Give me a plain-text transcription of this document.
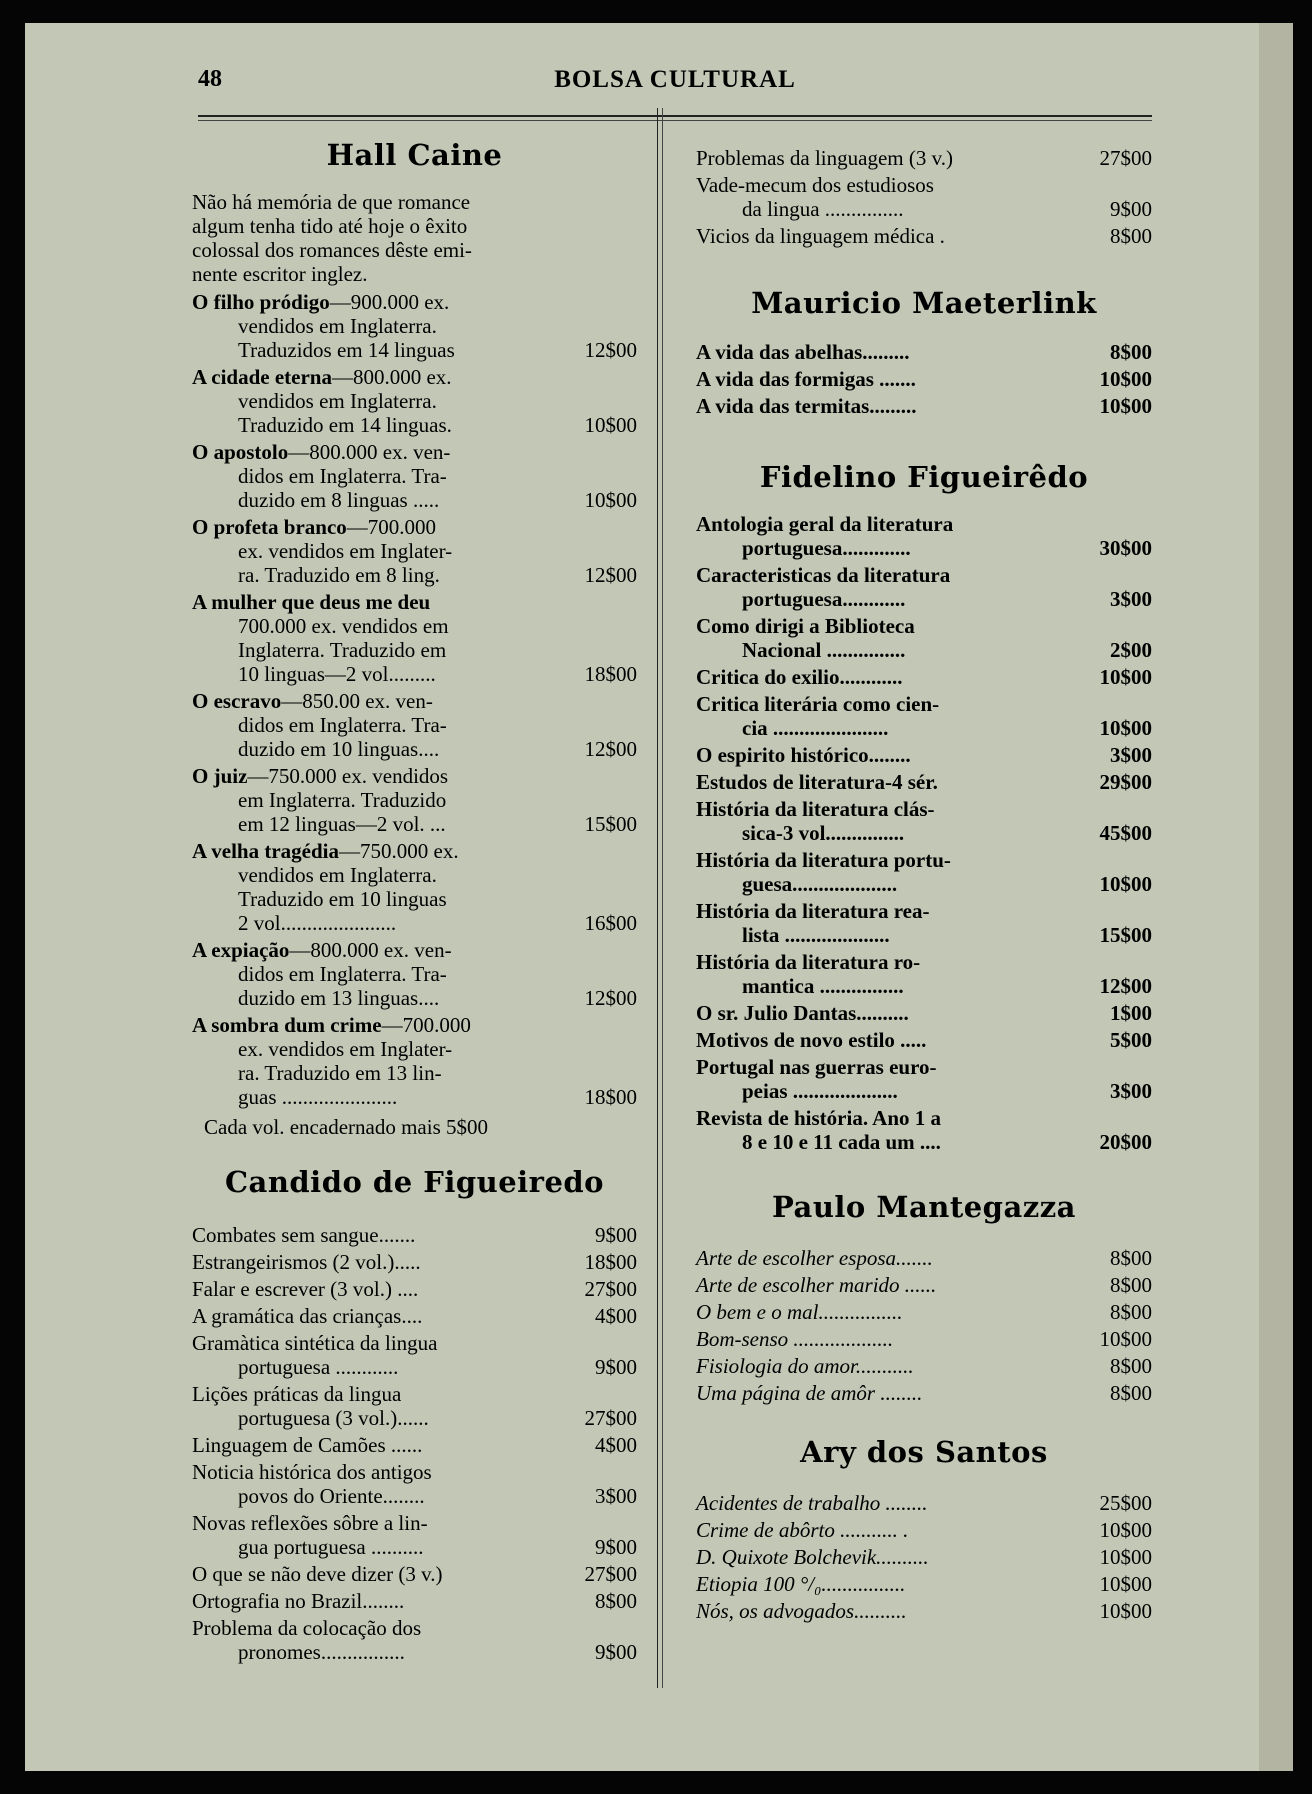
48	BOLSA CULTURAL
Hall Caine
Não há memória de que romance
algum tenha tido até hoje o êxito
colossal dos romances dêste emi-
nente escritor inglez.
O filho pródigo—900.000 ex.
vendidos em Inglaterra.
Traduzidos em 14 linguas	12$00
A cidade eterna—800.000 ex.
vendidos em Inglaterra.
Traduzido em 14 linguas.	10$00
O apostolo—800.000 ex. ven-
didos em Inglaterra. Tra-
duzido em 8 linguas .....	10$00
O profeta branco—700.000
ex. vendidos em Inglater-
ra. Traduzido em 8 ling.	12$00
A mulher que deus me deu
700.000 ex. vendidos em
Inglaterra. Traduzido em
10 linguas—2 vol.........	18$00
O escravo—850.00 ex. ven-
didos em Inglaterra. Tra-
duzido em 10 linguas....	12$00
O juiz—750.000 ex. vendidos
em Inglaterra. Traduzido
em 12 linguas—2 vol. ...	15$00
A velha tragédia—750.000 ex.
vendidos em Inglaterra.
Traduzido em 10 linguas
2 vol......................	16$00
A expiação—800.000 ex. ven-
didos em Inglaterra. Tra-
duzido em 13 linguas....	12$00
A sombra dum crime—700.000
ex. vendidos em Inglater-
ra. Traduzido em 13 lin-
guas ......................	18$00
Cada vol. encadernado mais 5$00
Candido de Figueiredo
Combates sem sangue.......	9$00
Estrangeirismos (2 vol.).....	18$00
Falar e escrever (3 vol.) ....	27$00
A gramática das crianças....	4$00
Gramàtica sintética da lingua
portuguesa ............	9$00
Lições práticas da lingua
portuguesa (3 vol.)......	27$00
Linguagem de Camões ......	4$00
Noticia histórica dos antigos
povos do Oriente........	3$00
Novas reflexões sôbre a lin-
gua portuguesa ..........	9$00
O que se não deve dizer (3 v.)	27$00
Ortografia no Brazil........	8$00
Problema da colocação dos
pronomes................	9$00
Problemas da linguagem (3 v.)	27$00
Vade-mecum dos estudiosos
da lingua ...............	9$00
Vicios da linguagem médica .	8$00
Mauricio Maeterlink
A vida das abelhas.........	8$00
A vida das formigas .......	10$00
A vida das termitas.........	10$00
Fidelino Figueirêdo
Antologia geral da literatura
portuguesa.............	30$00
Caracteristicas da literatura
portuguesa............	3$00
Como dirigi a Biblioteca
Nacional ...............	2$00
Critica do exilio............	10$00
Critica literária como cien-
cia ......................	10$00
O espirito histórico........	3$00
Estudos de literatura-4 sér.	29$00
História da literatura clás-
sica-3 vol...............	45$00
História da literatura portu-
guesa....................	10$00
História da literatura rea-
lista ....................	15$00
História da literatura ro-
mantica ................	12$00
O sr. Julio Dantas..........	1$00
Motivos de novo estilo .....	5$00
Portugal nas guerras euro-
peias ....................	3$00
Revista de história. Ano 1 a
8 e 10 e 11 cada um ....	20$00
Paulo Mantegazza
Arte de escolher esposa.......	8$00
Arte de escolher marido ......	8$00
O bem e o mal................	8$00
Bom-senso ...................	10$00
Fisiologia do amor...........	8$00
Uma página de amôr ........	8$00
Ary dos Santos
Acidentes de trabalho ........	25$00
Crime de abôrto ........... .	10$00
D. Quixote Bolchevik..........	10$00
Etiopia 100 °/₀................	10$00
Nós, os advogados..........	10$00
